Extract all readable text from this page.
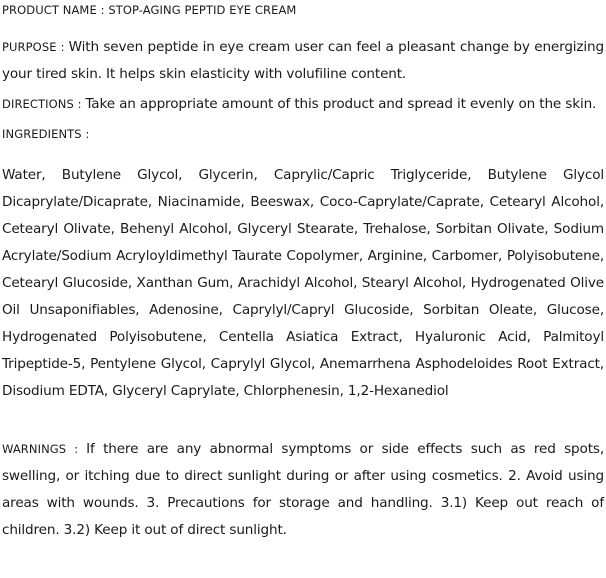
PRODUCT NAME : STOP-AGING PEPTID EYE CREAM

PURPOSE : With seven peptide in eye cream user can feel a pleasant change by energizing your tired skin. It helps skin elasticity with volufiline content.

DIRECTIONS : Take an appropriate amount of this product and spread it evenly on the skin.

INGREDIENTS :

Water, Butylene Glycol, Glycerin, Caprylic/Capric Triglyceride, Butylene Glycol Dicaprylate/Dicaprate, Niacinamide, Beeswax, Coco-Caprylate/Caprate, Cetearyl Alcohol, Cetearyl Olivate, Behenyl Alcohol, Glyceryl Stearate, Trehalose, Sorbitan Olivate, Sodium Acrylate/Sodium Acryloyldimethyl Taurate Copolymer, Arginine, Carbomer, Polyisobutene, Cetearyl Glucoside, Xanthan Gum, Arachidyl Alcohol, Stearyl Alcohol, Hydrogenated Olive Oil Unsaponifiables, Adenosine, Caprylyl/Capryl Glucoside, Sorbitan Oleate, Glucose, Hydrogenated Polyisobutene, Centella Asiatica Extract, Hyaluronic Acid, Palmitoyl Tripeptide-5, Pentylene Glycol, Caprylyl Glycol, Anemarrhena Asphodeloides Root Extract, Disodium EDTA, Glyceryl Caprylate, Chlorphenesin, 1,2-Hexanediol

WARNINGS : If there are any abnormal symptoms or side effects such as red spots, swelling, or itching due to direct sunlight during or after using cosmetics. 2. Avoid using areas with wounds. 3. Precautions for storage and handling. 3.1) Keep out reach of children. 3.2) Keep it out of direct sunlight.
